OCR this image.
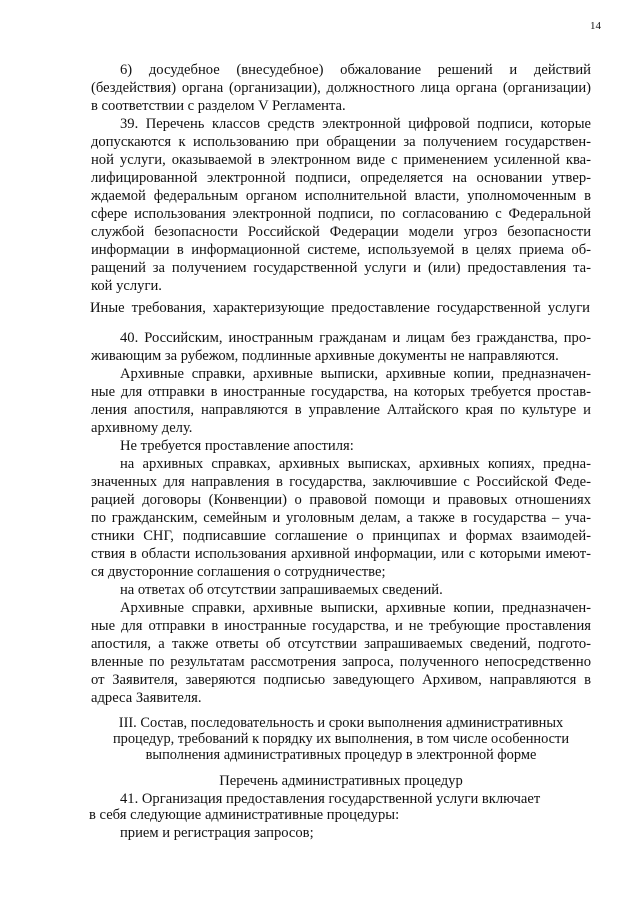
14
6) досудебное (внесудебное) обжалование решений и действий
(бездействия) органа (организации), должностного лица органа (организации)
в соответствии с разделом V Регламента.
39. Перечень классов средств электронной цифровой подписи, которые
допускаются к использованию при обращении за получением государствен-
ной услуги, оказываемой в электронном виде с применением усиленной ква-
лифицированной электронной подписи, определяется на основании утвер-
ждаемой федеральным органом исполнительной власти, уполномоченным в
сфере использования электронной подписи, по согласованию с Федеральной
службой безопасности Российской Федерации модели угроз безопасности
информации в информационной системе, используемой в целях приема об-
ращений за получением государственной услуги и (или) предоставления та-
кой услуги.
Иные требования, характеризующие предоставление государственной услуги
40. Российским, иностранным гражданам и лицам без гражданства, про-
живающим за рубежом, подлинные архивные документы не направляются.
Архивные справки, архивные выписки, архивные копии, предназначен-
ные для отправки в иностранные государства, на которых требуется простав-
ления апостиля, направляются в управление Алтайского края по культуре и
архивному делу.
Не требуется проставление апостиля:
на архивных справках, архивных выписках, архивных копиях, предна-
значенных для направления в государства, заключившие с Российской Феде-
рацией договоры (Конвенции) о правовой помощи и правовых отношениях
по гражданским, семейным и уголовным делам, а также в государства – уча-
стники СНГ, подписавшие соглашение о принципах и формах взаимодей-
ствия в области использования архивной информации, или с которыми имеют-
ся двусторонние соглашения о сотрудничестве;
на ответах об отсутствии запрашиваемых сведений.
Архивные справки, архивные выписки, архивные копии, предназначен-
ные для отправки в иностранные государства, и не требующие проставления
апостиля, а также ответы об отсутствии запрашиваемых сведений, подгото-
вленные по результатам рассмотрения запроса, полученного непосредственно
от Заявителя, заверяются подписью заведующего Архивом, направляются в
адреса Заявителя.
III. Состав, последовательность и сроки выполнения административных
процедур, требований к порядку их выполнения, в том числе особенности
выполнения административных процедур в электронной форме
Перечень административных процедур
41. Организация предоставления государственной услуги включает
в себя следующие административные процедуры:
прием и регистрация запросов;
